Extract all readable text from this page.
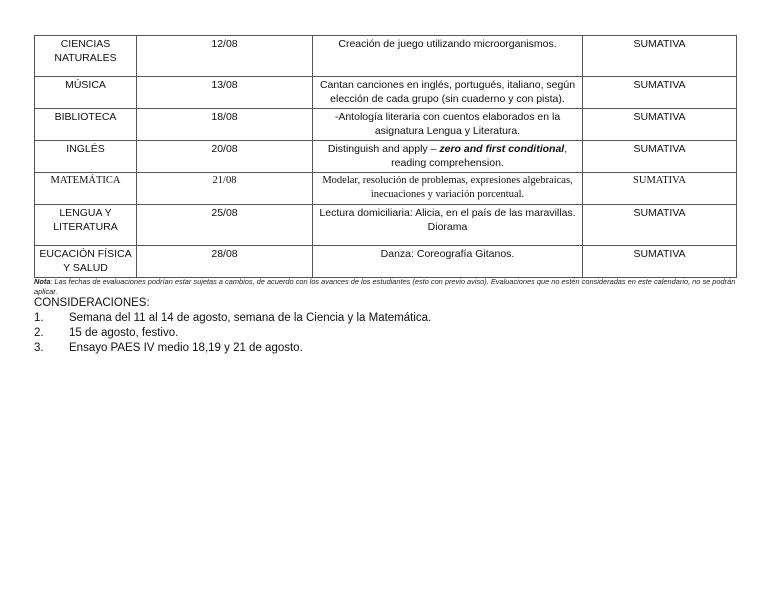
CIENCIAS NATURALES	12/08	Creación de juego utilizando microorganismos.	SUMATIVA
MÚSICA	13/08	Cantan canciones en inglés, portugués, italiano, según elección de cada grupo (sin cuaderno y con pista).	SUMATIVA
BIBLIOTECA	18/08	-Antología literaria con cuentos elaborados en la asignatura Lengua y Literatura.	SUMATIVA
INGLÉS	20/08	Distinguish and apply – zero and first conditional, reading comprehension.	SUMATIVA
MATEMÁTICA	21/08	Modelar, resolución de problemas, expresiones algebraicas, inecuaciones y variación porcentual.	SUMATIVA
LENGUA Y LITERATURA	25/08	Lectura domiciliaria: Alicia, en el país de las maravillas. Diorama	SUMATIVA
EUCACIÓN FÍSICA Y SALUD	28/08	Danza: Coreografía Gitanos.	SUMATIVA
Nota: Las fechas de evaluaciones podrían estar sujetas a cambios, de acuerdo con los avances de los estudiantes (esto con previo aviso). Evaluaciones que no estén consideradas en este calendario, no se podrán aplicar.
CONSIDERACIONES:
1. Semana del 11 al 14 de agosto, semana de la Ciencia y la Matemática.
2. 15 de agosto, festivo.
3. Ensayo PAES IV medio 18,19 y 21 de agosto.
